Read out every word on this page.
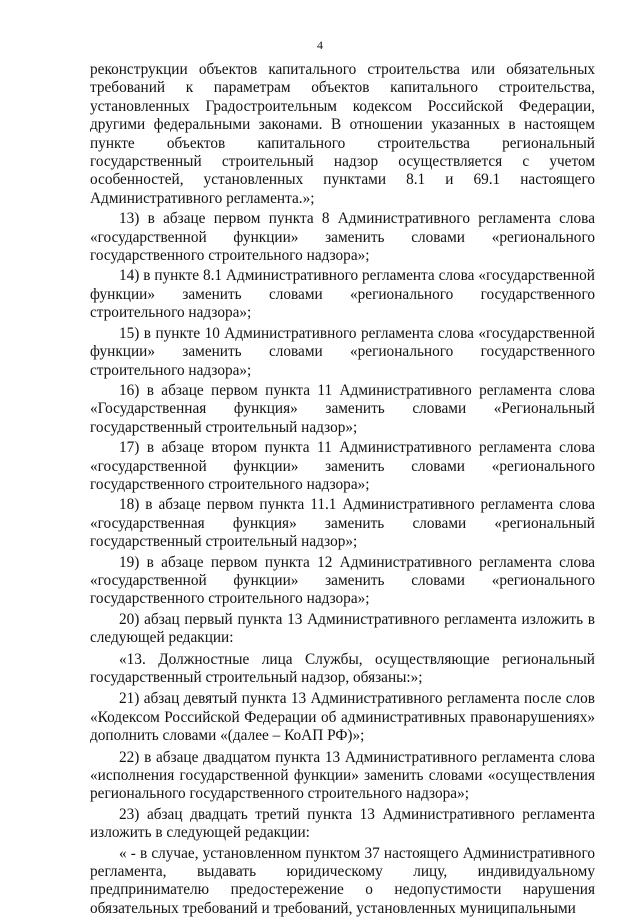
4

реконструкции объектов капитального строительства или обязательных требований к параметрам объектов капитального строительства, установленных Градостроительным кодексом Российской Федерации, другими федеральными законами. В отношении указанных в настоящем пункте объектов капитального строительства региональный государственный строительный надзор осуществляется с учетом особенностей, установленных пунктами 8.1 и 69.1 настоящего Административного регламента.»;

13) в абзаце первом пункта 8 Административного регламента слова «государственной функции» заменить словами «регионального государственного строительного надзора»;

14) в пункте 8.1 Административного регламента слова «государственной функции» заменить словами «регионального государственного строительного надзора»;

15) в пункте 10 Административного регламента слова «государственной функции» заменить словами «регионального государственного строительного надзора»;

16) в абзаце первом пункта 11 Административного регламента слова «Государственная функция» заменить словами «Региональный государственный строительный надзор»;

17) в абзаце втором пункта 11 Административного регламента слова «государственной функции» заменить словами «регионального государственного строительного надзора»;

18) в абзаце первом пункта 11.1 Административного регламента слова «государственная функция» заменить словами «региональный государственный строительный надзор»;

19) в абзаце первом пункта 12 Административного регламента слова «государственной функции» заменить словами «регионального государственного строительного надзора»;

20) абзац первый пункта 13 Административного регламента изложить в следующей редакции:

«13. Должностные лица Службы, осуществляющие региональный государственный строительный надзор, обязаны:»;

21) абзац девятый пункта 13 Административного регламента после слов «Кодексом Российской Федерации об административных правонарушениях» дополнить словами «(далее – КоАП РФ)»;

22) в абзаце двадцатом пункта 13 Административного регламента слова «исполнения государственной функции» заменить словами «осуществления регионального государственного строительного надзора»;

23) абзац двадцать третий пункта 13 Административного регламента изложить в следующей редакции:

« - в случае, установленном пунктом 37 настоящего Административного регламента, выдавать юридическому лицу, индивидуальному предпринимателю предостережение о недопустимости нарушения обязательных требований и требований, установленных муниципальными
